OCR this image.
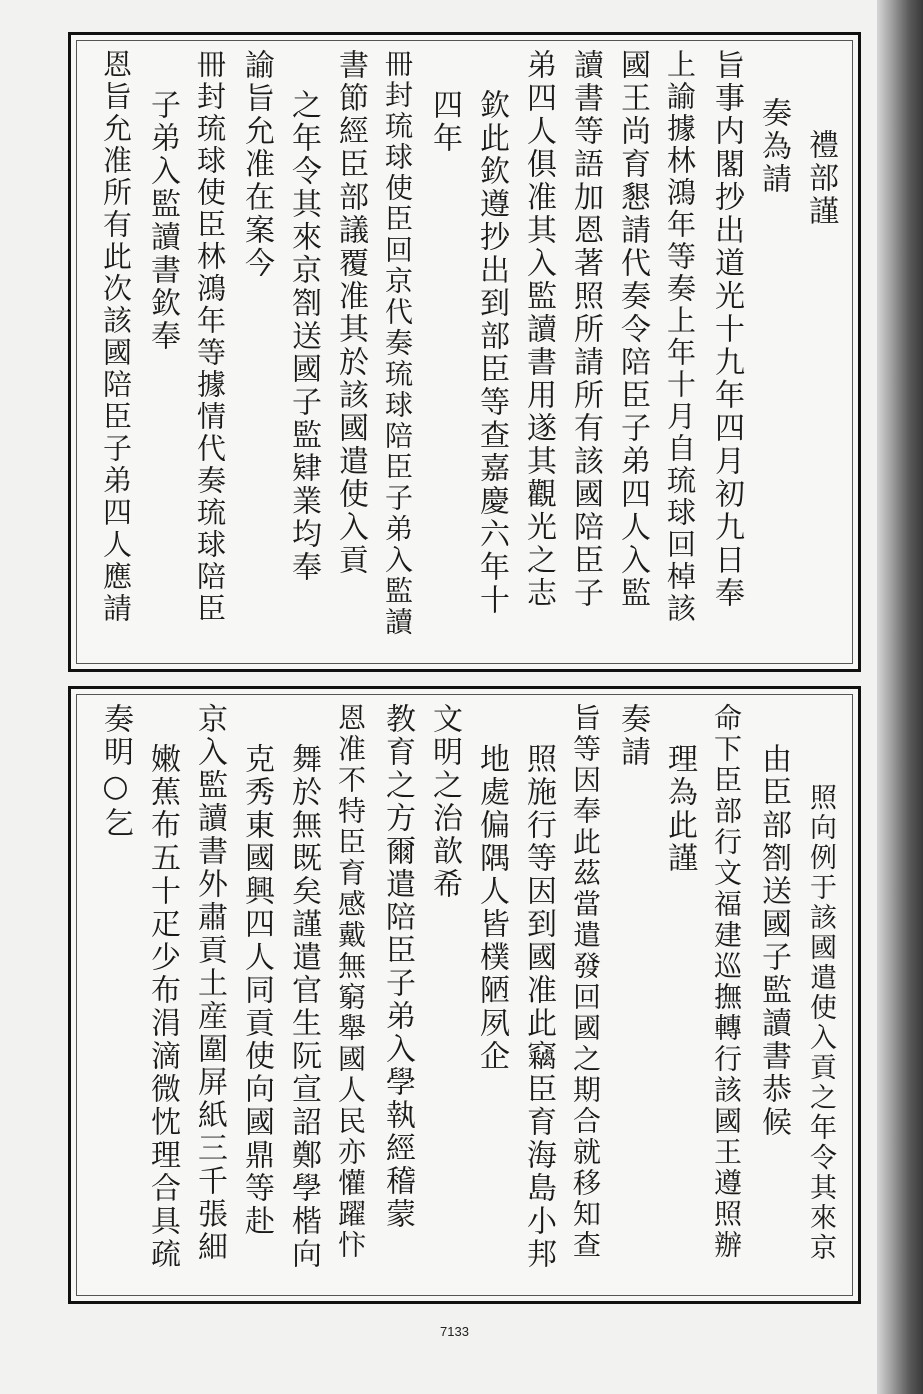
禮部謹
奏為請
旨事内閣抄出道光十九年四月初九日奉
上諭據林鴻年等奏上年十月自琉球回棹該
國王尚育懇請代奏令陪臣子弟四人入監
讀書等語加恩著照所請所有該國陪臣子
弟四人俱准其入監讀書用遂其觀光之志
欽此欽遵抄出到部臣等查嘉慶六年十
四年
冊封琉球使臣回京代奏琉球陪臣子弟入監讀
書節經臣部議覆准其於該國遣使入貢
之年令其來京劄送國子監肄業均奉
諭旨允准在案今
冊封琉球使臣林鴻年等據情代奏琉球陪臣
子弟入監讀書欽奉
恩旨允准所有此次該國陪臣子弟四人應請
照向例于該國遣使入貢之年令其來京
由臣部劄送國子監讀書恭候
命下臣部行文福建巡撫轉行該國王遵照辦
理為此謹
奏請
旨等因奉此茲當遣發回國之期合就移知查
照施行等因到國准此竊臣育海島小邦
地處偏隅人皆樸陋夙企
文明之治歆希
教育之方爾遣陪臣子弟入學執經稽蒙
恩准不特臣育感戴無窮舉國人民亦懽躍忭
舞於無既矣謹遣官生阮宣詔鄭學楷向
克秀東國興四人同貢使向國鼎等赴
京入監讀書外肅貢土産圍屏紙三千張細
嫩蕉布五十疋少布涓滴微忱理合具疏
奏明○乞
7133
